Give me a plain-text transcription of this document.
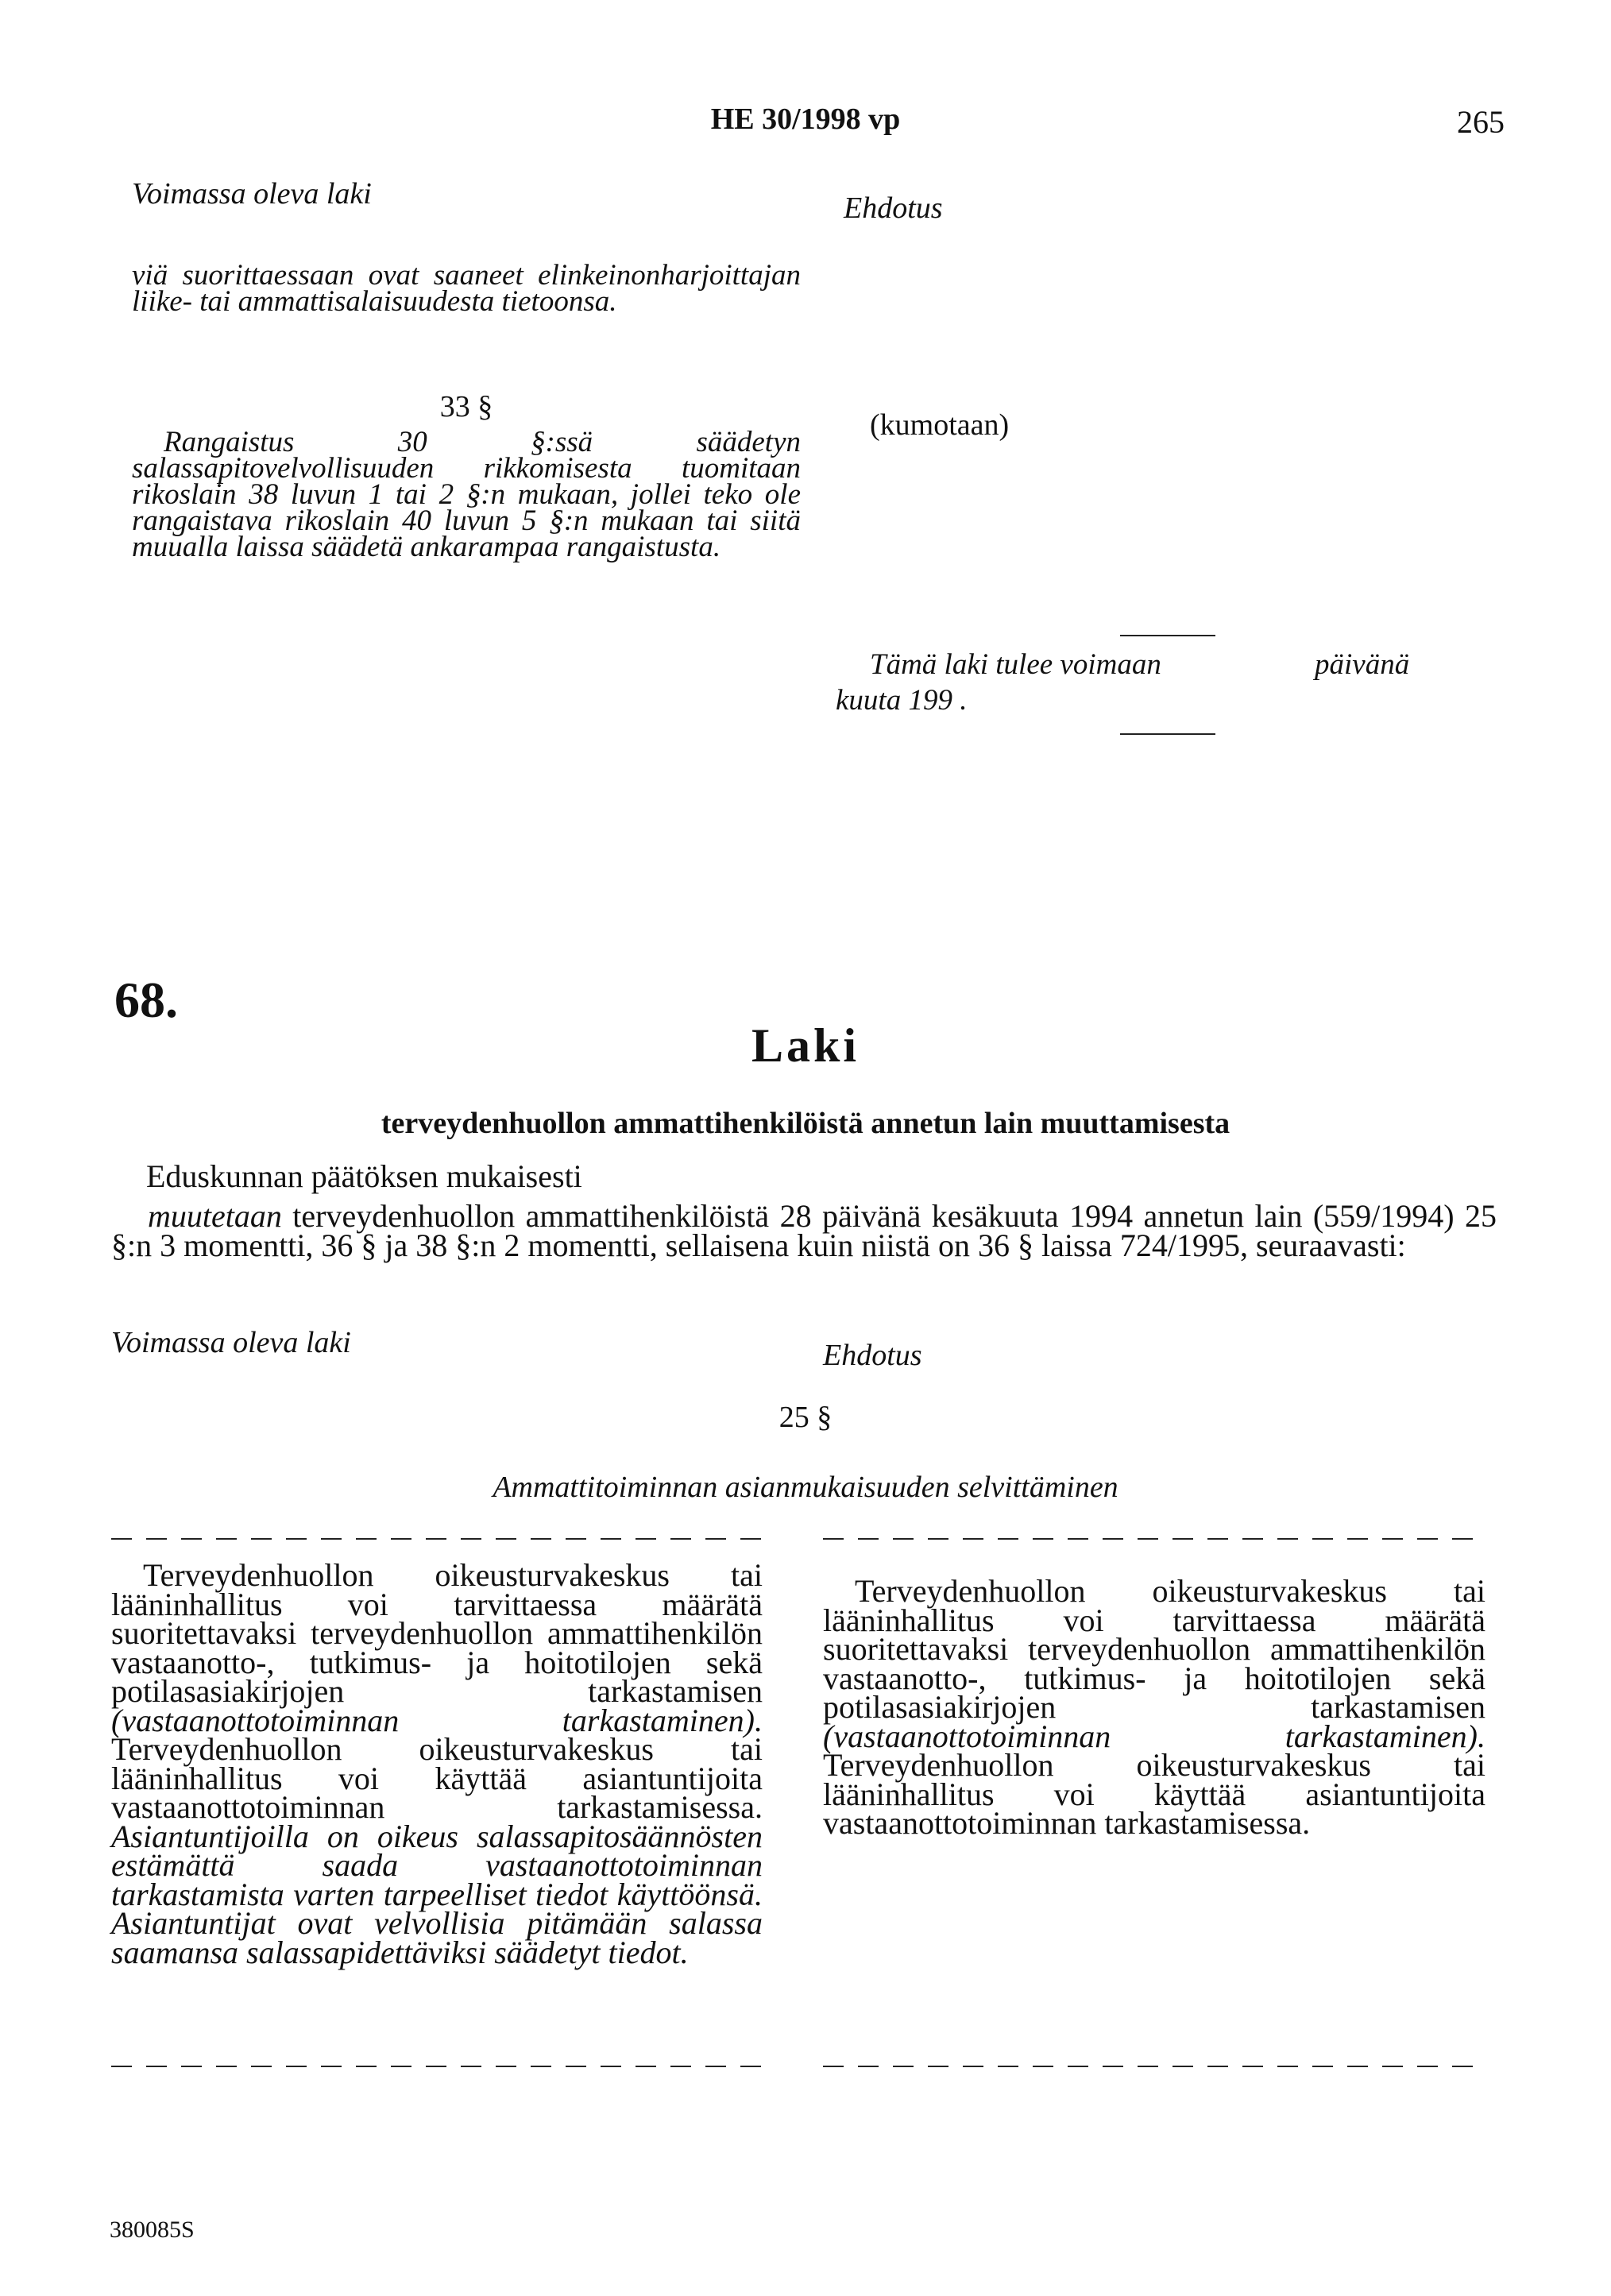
HE 30/1998 vp	265
Voimassa oleva laki	Ehdotus
viä suorittaessaan ovat saaneet elinkeinonharjoittajan liike- tai ammattisalaisuudesta tietoonsa.
33 §
Rangaistus 30 §:ssä säädetyn salassapitovelvollisuuden rikkomisesta tuomitaan rikoslain 38 luvun 1 tai 2 §:n mukaan, jollei teko ole rangaistava rikoslain 40 luvun 5 §:n mukaan tai siitä muualla laissa säädetä ankarampaa rangaistusta.
(kumotaan)
Tämä laki tulee voimaan	päivänä
kuuta 199 .
68.
Laki
terveydenhuollon ammattihenkilöistä annetun lain muuttamisesta
Eduskunnan päätöksen mukaisesti
muutetaan terveydenhuollon ammattihenkilöistä 28 päivänä kesäkuuta 1994 annetun lain (559/1994) 25 §:n 3 momentti, 36 § ja 38 §:n 2 momentti, sellaisena kuin niistä on 36 § laissa 724/1995, seuraavasti:
Voimassa oleva laki	Ehdotus
25 §
Ammattitoiminnan asianmukaisuuden selvittäminen
Terveydenhuollon oikeusturvakeskus tai lääninhallitus voi tarvittaessa määrätä suoritettavaksi terveydenhuollon ammattihenkilön vastaanotto-, tutkimus- ja hoitotilojen sekä potilasasiakirjojen tarkastamisen (vastaanottotoiminnan tarkastaminen). Terveydenhuollon oikeusturvakeskus tai lääninhallitus voi käyttää asiantuntijoita vastaanottotoiminnan tarkastamisessa. Asiantuntijoilla on oikeus salassapitosäännösten estämättä saada vastaanottotoiminnan tarkastamista varten tarpeelliset tiedot käyttöönsä. Asiantuntijat ovat velvollisia pitämään salassa saamansa salassapidettäviksi säädetyt tiedot.
Terveydenhuollon oikeusturvakeskus tai lääninhallitus voi tarvittaessa määrätä suoritettavaksi terveydenhuollon ammattihenkilön vastaanotto-, tutkimus- ja hoitotilojen sekä potilasasiakirjojen tarkastamisen (vastaanottotoiminnan tarkastaminen). Terveydenhuollon oikeusturvakeskus tai lääninhallitus voi käyttää asiantuntijoita vastaanottotoiminnan tarkastamisessa.
380085S
